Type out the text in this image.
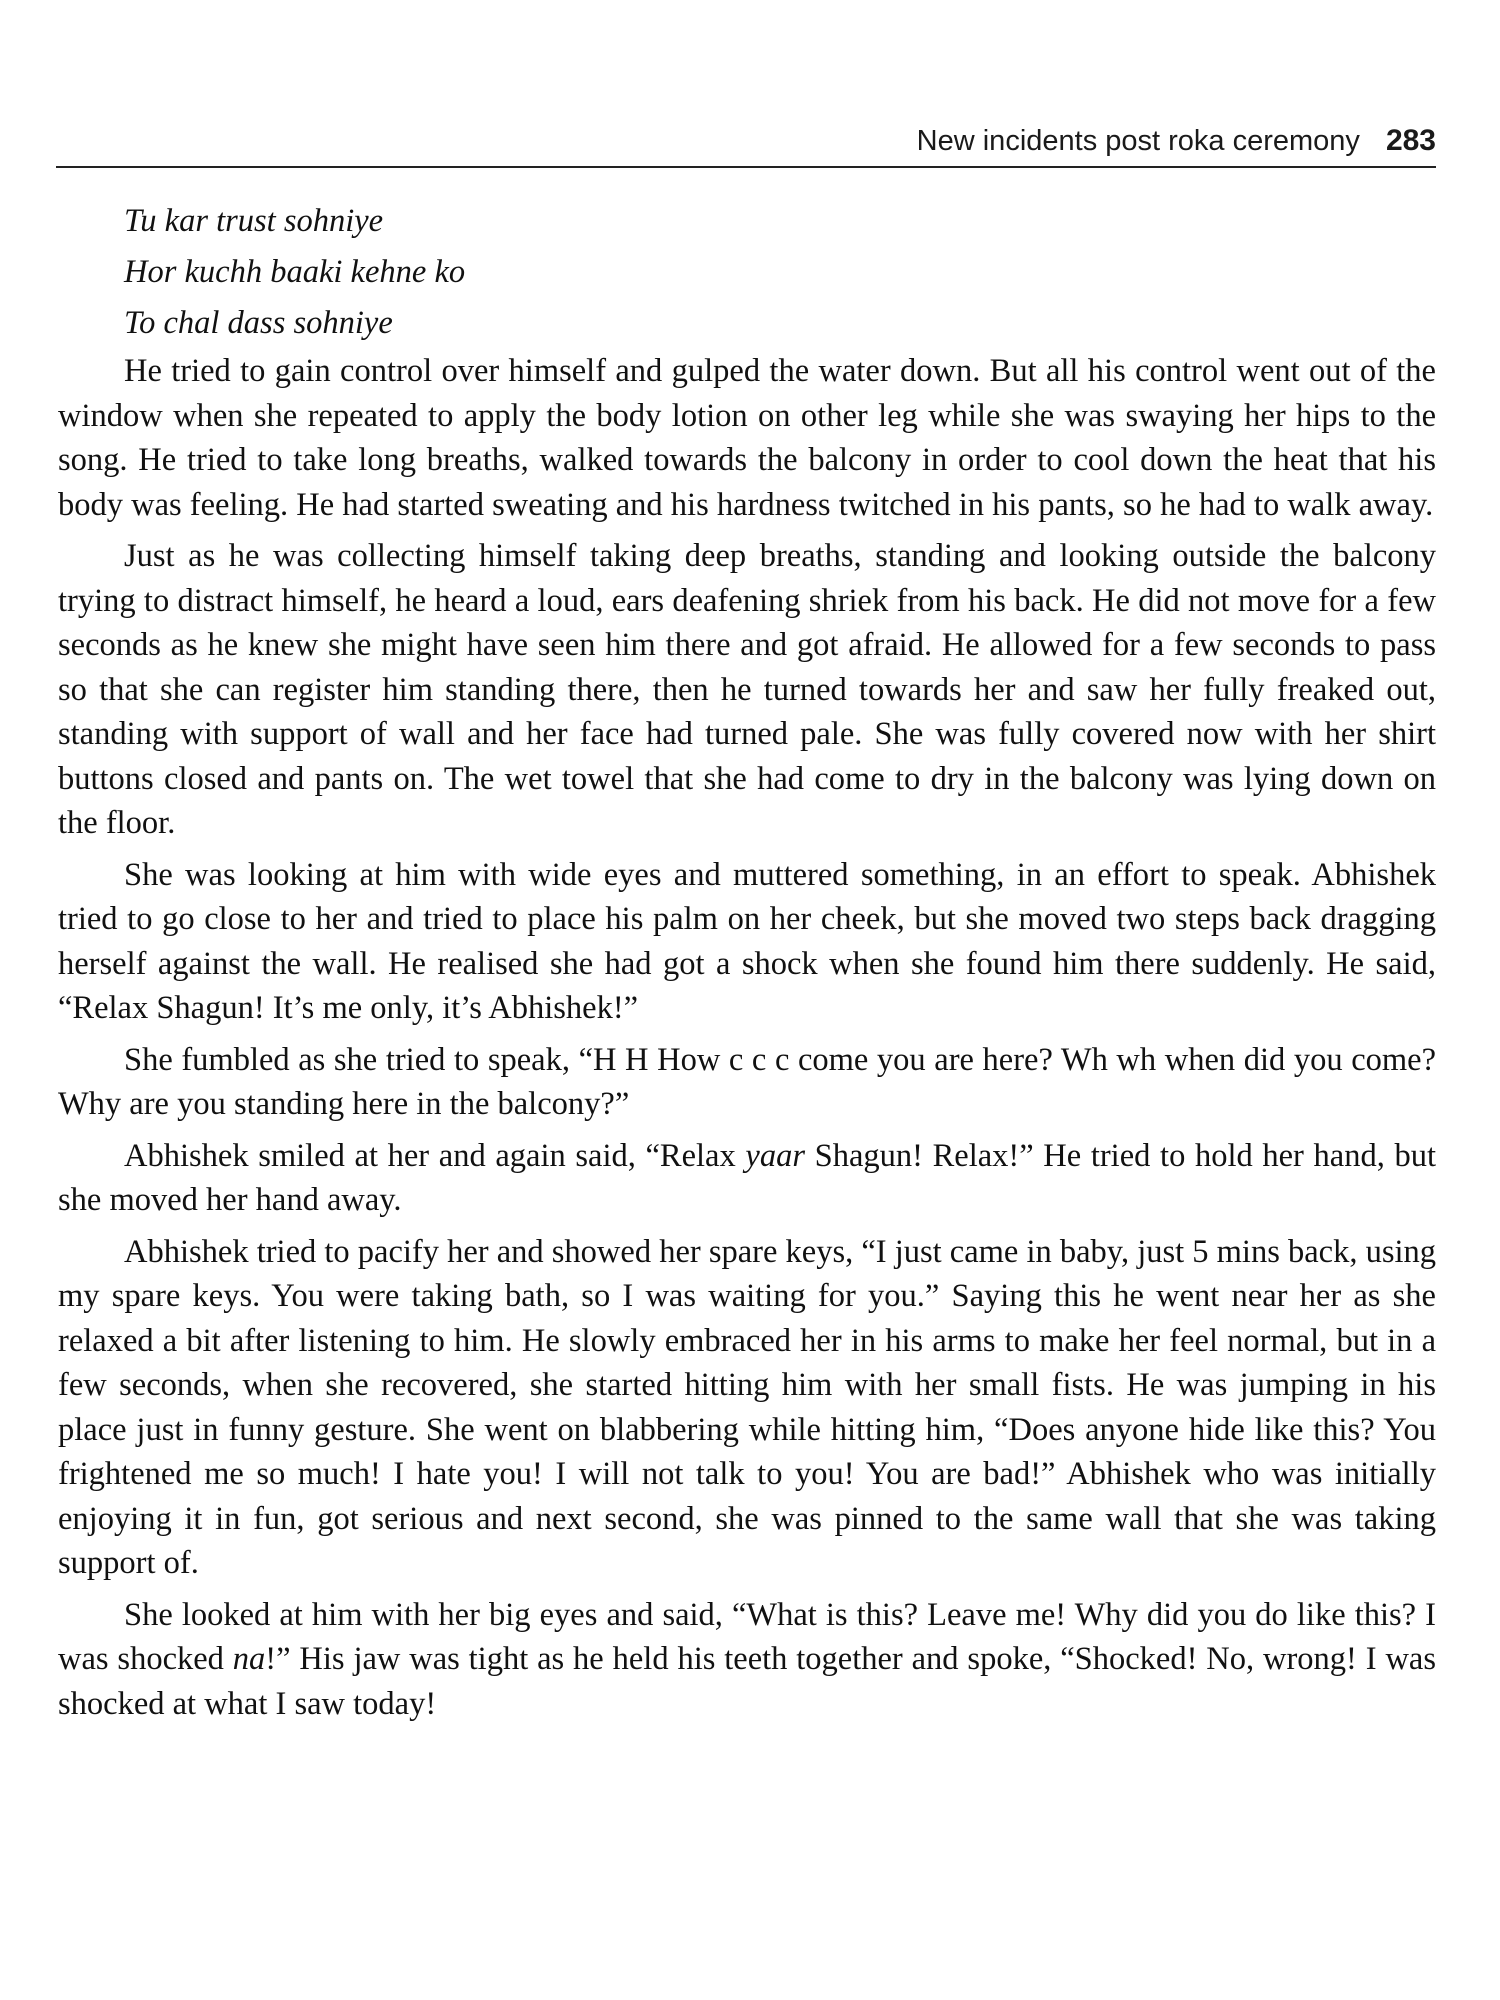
New incidents post roka ceremony 283

Tu kar trust sohniye

Hor kuchh baaki kehne ko

To chal dass sohniye

He tried to gain control over himself and gulped the water down. But all his control went out of the window when she repeated to apply the body lotion on other leg while she was swaying her hips to the song. He tried to take long breaths, walked towards the balcony in order to cool down the heat that his body was feeling. He had started sweating and his hardness twitched in his pants, so he had to walk away.

Just as he was collecting himself taking deep breaths, standing and looking outside the balcony trying to distract himself, he heard a loud, ears deafening shriek from his back. He did not move for a few seconds as he knew she might have seen him there and got afraid. He allowed for a few seconds to pass so that she can register him standing there, then he turned towards her and saw her fully freaked out, standing with support of wall and her face had turned pale. She was fully covered now with her shirt buttons closed and pants on. The wet towel that she had come to dry in the balcony was lying down on the floor.

She was looking at him with wide eyes and muttered something, in an effort to speak. Abhishek tried to go close to her and tried to place his palm on her cheek, but she moved two steps back dragging herself against the wall. He realised she had got a shock when she found him there suddenly. He said, “Relax Shagun! It’s me only, it’s Abhishek!”

She fumbled as she tried to speak, “H H How c c c come you are here? Wh wh when did you come? Why are you standing here in the balcony?”

Abhishek smiled at her and again said, “Relax yaar Shagun! Relax!” He tried to hold her hand, but she moved her hand away.

Abhishek tried to pacify her and showed her spare keys, “I just came in baby, just 5 mins back, using my spare keys. You were taking bath, so I was waiting for you.” Saying this he went near her as she relaxed a bit after listening to him. He slowly embraced her in his arms to make her feel normal, but in a few seconds, when she recovered, she started hitting him with her small fists. He was jumping in his place just in funny gesture. She went on blabbering while hitting him, “Does anyone hide like this? You frightened me so much! I hate you! I will not talk to you! You are bad!” Abhishek who was initially enjoying it in fun, got serious and next second, she was pinned to the same wall that she was taking support of.

She looked at him with her big eyes and said, “What is this? Leave me! Why did you do like this? I was shocked na!” His jaw was tight as he held his teeth together and spoke, “Shocked! No, wrong! I was shocked at what I saw today!
